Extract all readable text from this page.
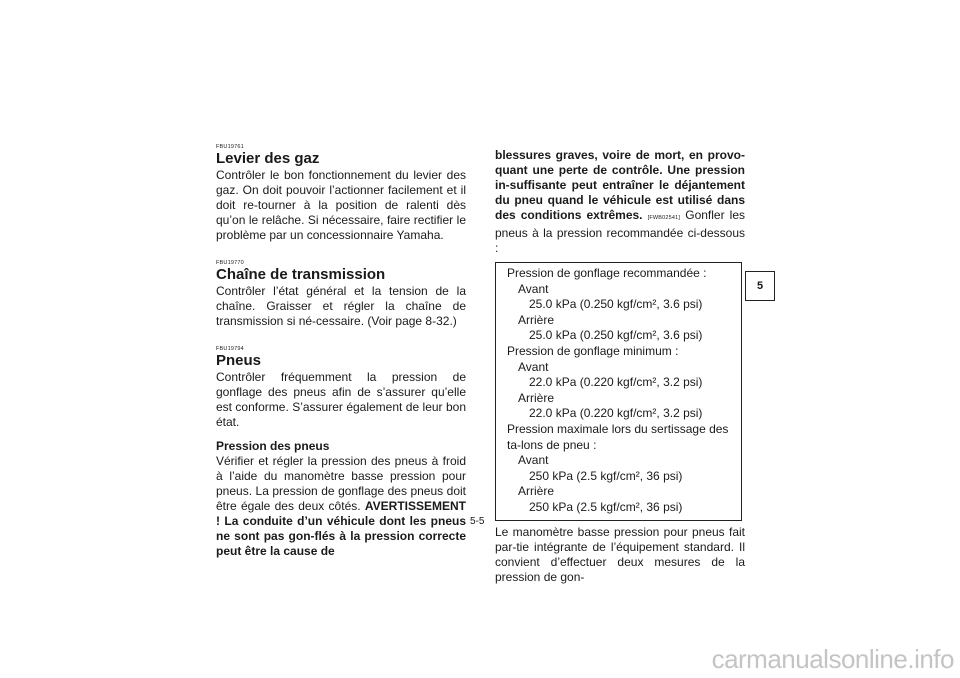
FBU19761

Levier des gaz

Contrôler le bon fonctionnement du levier des gaz. On doit pouvoir l’actionner facilement et il doit re-tourner à la position de ralenti dès qu’on le relâche. Si nécessaire, faire rectifier le problème par un concessionnaire Yamaha.

FBU19770

Chaîne de transmission

Contrôler l’état général et la tension de la chaîne. Graisser et régler la chaîne de transmission si né-cessaire. (Voir page 8-32.)

FBU19794

Pneus

Contrôler fréquemment la pression de gonflage des pneus afin de s’assurer qu’elle est conforme. S’assurer également de leur bon état.

Pression des pneus

Vérifier et régler la pression des pneus à froid à l’aide du manomètre basse pression pour pneus. La pression de gonflage des pneus doit être égale des deux côtés. AVERTISSEMENT ! La conduite d’un véhicule dont les pneus ne sont pas gon-flés à la pression correcte peut être la cause de

blessures graves, voire de mort, en provo-quant une perte de contrôle. Une pression in-suffisante peut entraîner le déjantement du pneu quand le véhicule est utilisé dans des conditions extrêmes. [FWB02541] Gonfler les pneus à la pression recommandée ci-dessous :

Pression de gonflage recommandée :
Avant
25.0 kPa (0.250 kgf/cm², 3.6 psi)
Arrière
25.0 kPa (0.250 kgf/cm², 3.6 psi)
Pression de gonflage minimum :
Avant
22.0 kPa (0.220 kgf/cm², 3.2 psi)
Arrière
22.0 kPa (0.220 kgf/cm², 3.2 psi)
Pression maximale lors du sertissage des ta-lons de pneu :
Avant
250 kPa (2.5 kgf/cm², 36 psi)
Arrière
250 kPa (2.5 kgf/cm², 36 psi)

Le manomètre basse pression pour pneus fait par-tie intégrante de l’équipement standard. Il convient d’effectuer deux mesures de la pression de gon-

5-5
5
carmanualsonline.info
